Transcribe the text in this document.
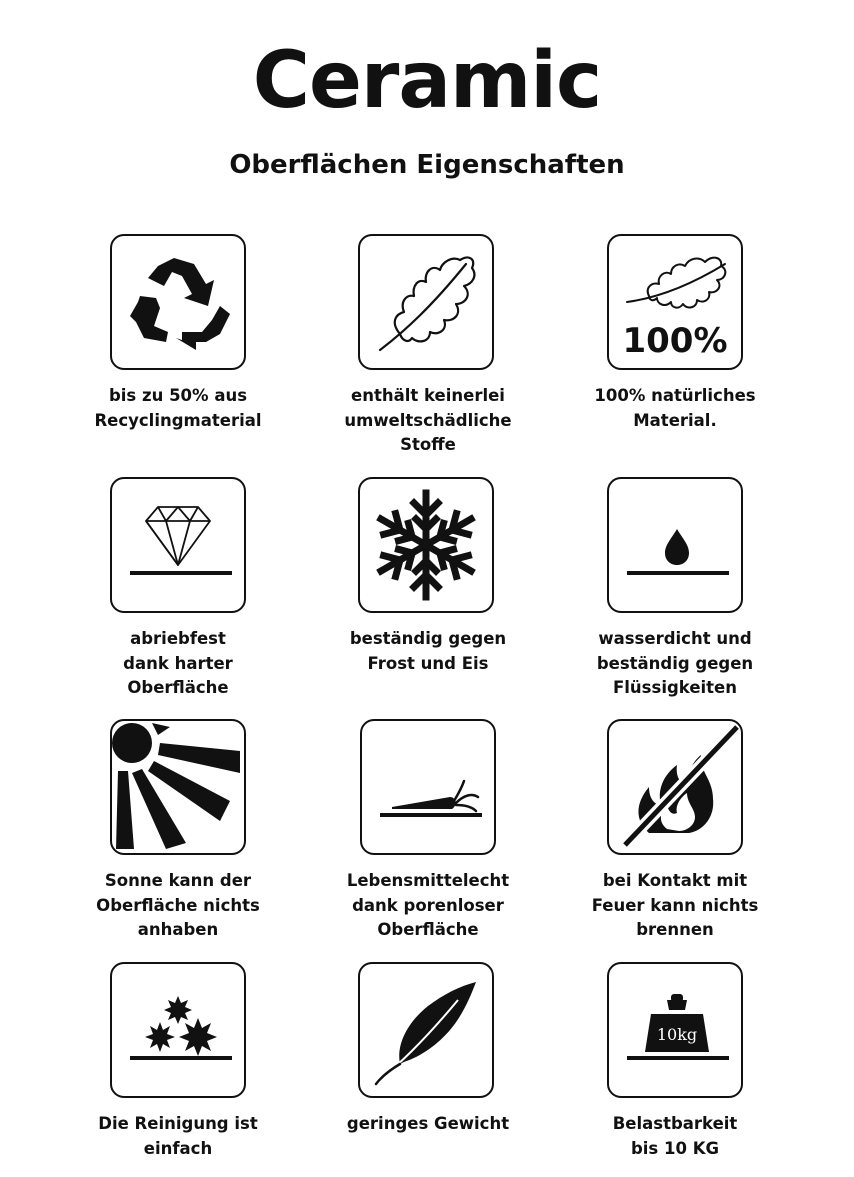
Ceramic
Oberflächen Eigenschaften
bis zu 50% aus
Recyclingmaterial
enthält keinerlei
umweltschädliche
Stoffe
100%
100% natürliches
Material.
abriebfest
dank harter
Oberfläche
beständig gegen
Frost und Eis
wasserdicht und
beständig gegen
Flüssigkeiten
Sonne kann der
Oberfläche nichts
anhaben
Lebensmittelecht
dank porenloser
Oberfläche
bei Kontakt mit
Feuer kann nichts
brennen
Die Reinigung ist
einfach
geringes Gewicht
10kg
Belastbarkeit
bis 10 KG
